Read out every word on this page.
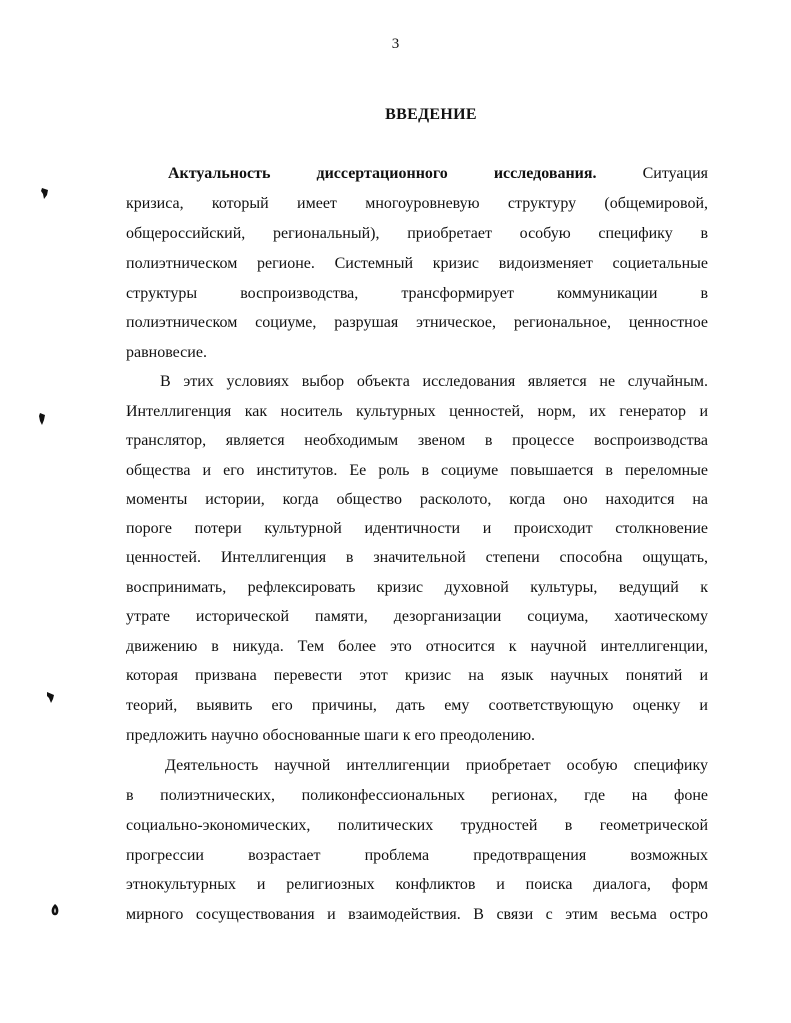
3
ВВЕДЕНИЕ
Актуальность диссертационного исследования.	Ситуация
кризиса, который имеет многоуровневую структуру (общемировой,
общероссийский, региональный), приобретает особую специфику в
полиэтническом регионе. Системный кризис видоизменяет социетальные
структуры воспроизводства, трансформирует коммуникации в
полиэтническом социуме, разрушая этническое, региональное, ценностное
равновесие.
В этих условиях выбор объекта исследования является не случайным.
Интеллигенция как носитель культурных ценностей, норм, их генератор и
транслятор, является необходимым звеном в процессе воспроизводства
общества и его институтов. Ее роль в социуме повышается в переломные
моменты истории, когда общество расколото, когда оно находится на
пороге потери культурной идентичности и происходит столкновение
ценностей. Интеллигенция в значительной степени способна ощущать,
воспринимать, рефлексировать кризис духовной культуры, ведущий к
утрате исторической памяти, дезорганизации социума, хаотическому
движению в никуда. Тем более это относится к научной интеллигенции,
которая призвана перевести этот кризис на язык научных понятий и
теорий, выявить его причины, дать ему соответствующую оценку и
предложить научно обоснованные шаги к его преодолению.
Деятельность научной интеллигенции приобретает особую специфику
в полиэтнических, поликонфессиональных регионах, где на фоне
социально-экономических, политических трудностей в геометрической
прогрессии возрастает проблема предотвращения возможных
этнокультурных и религиозных конфликтов и поиска диалога, форм
мирного сосуществования и взаимодействия. В связи с этим весьма остро
